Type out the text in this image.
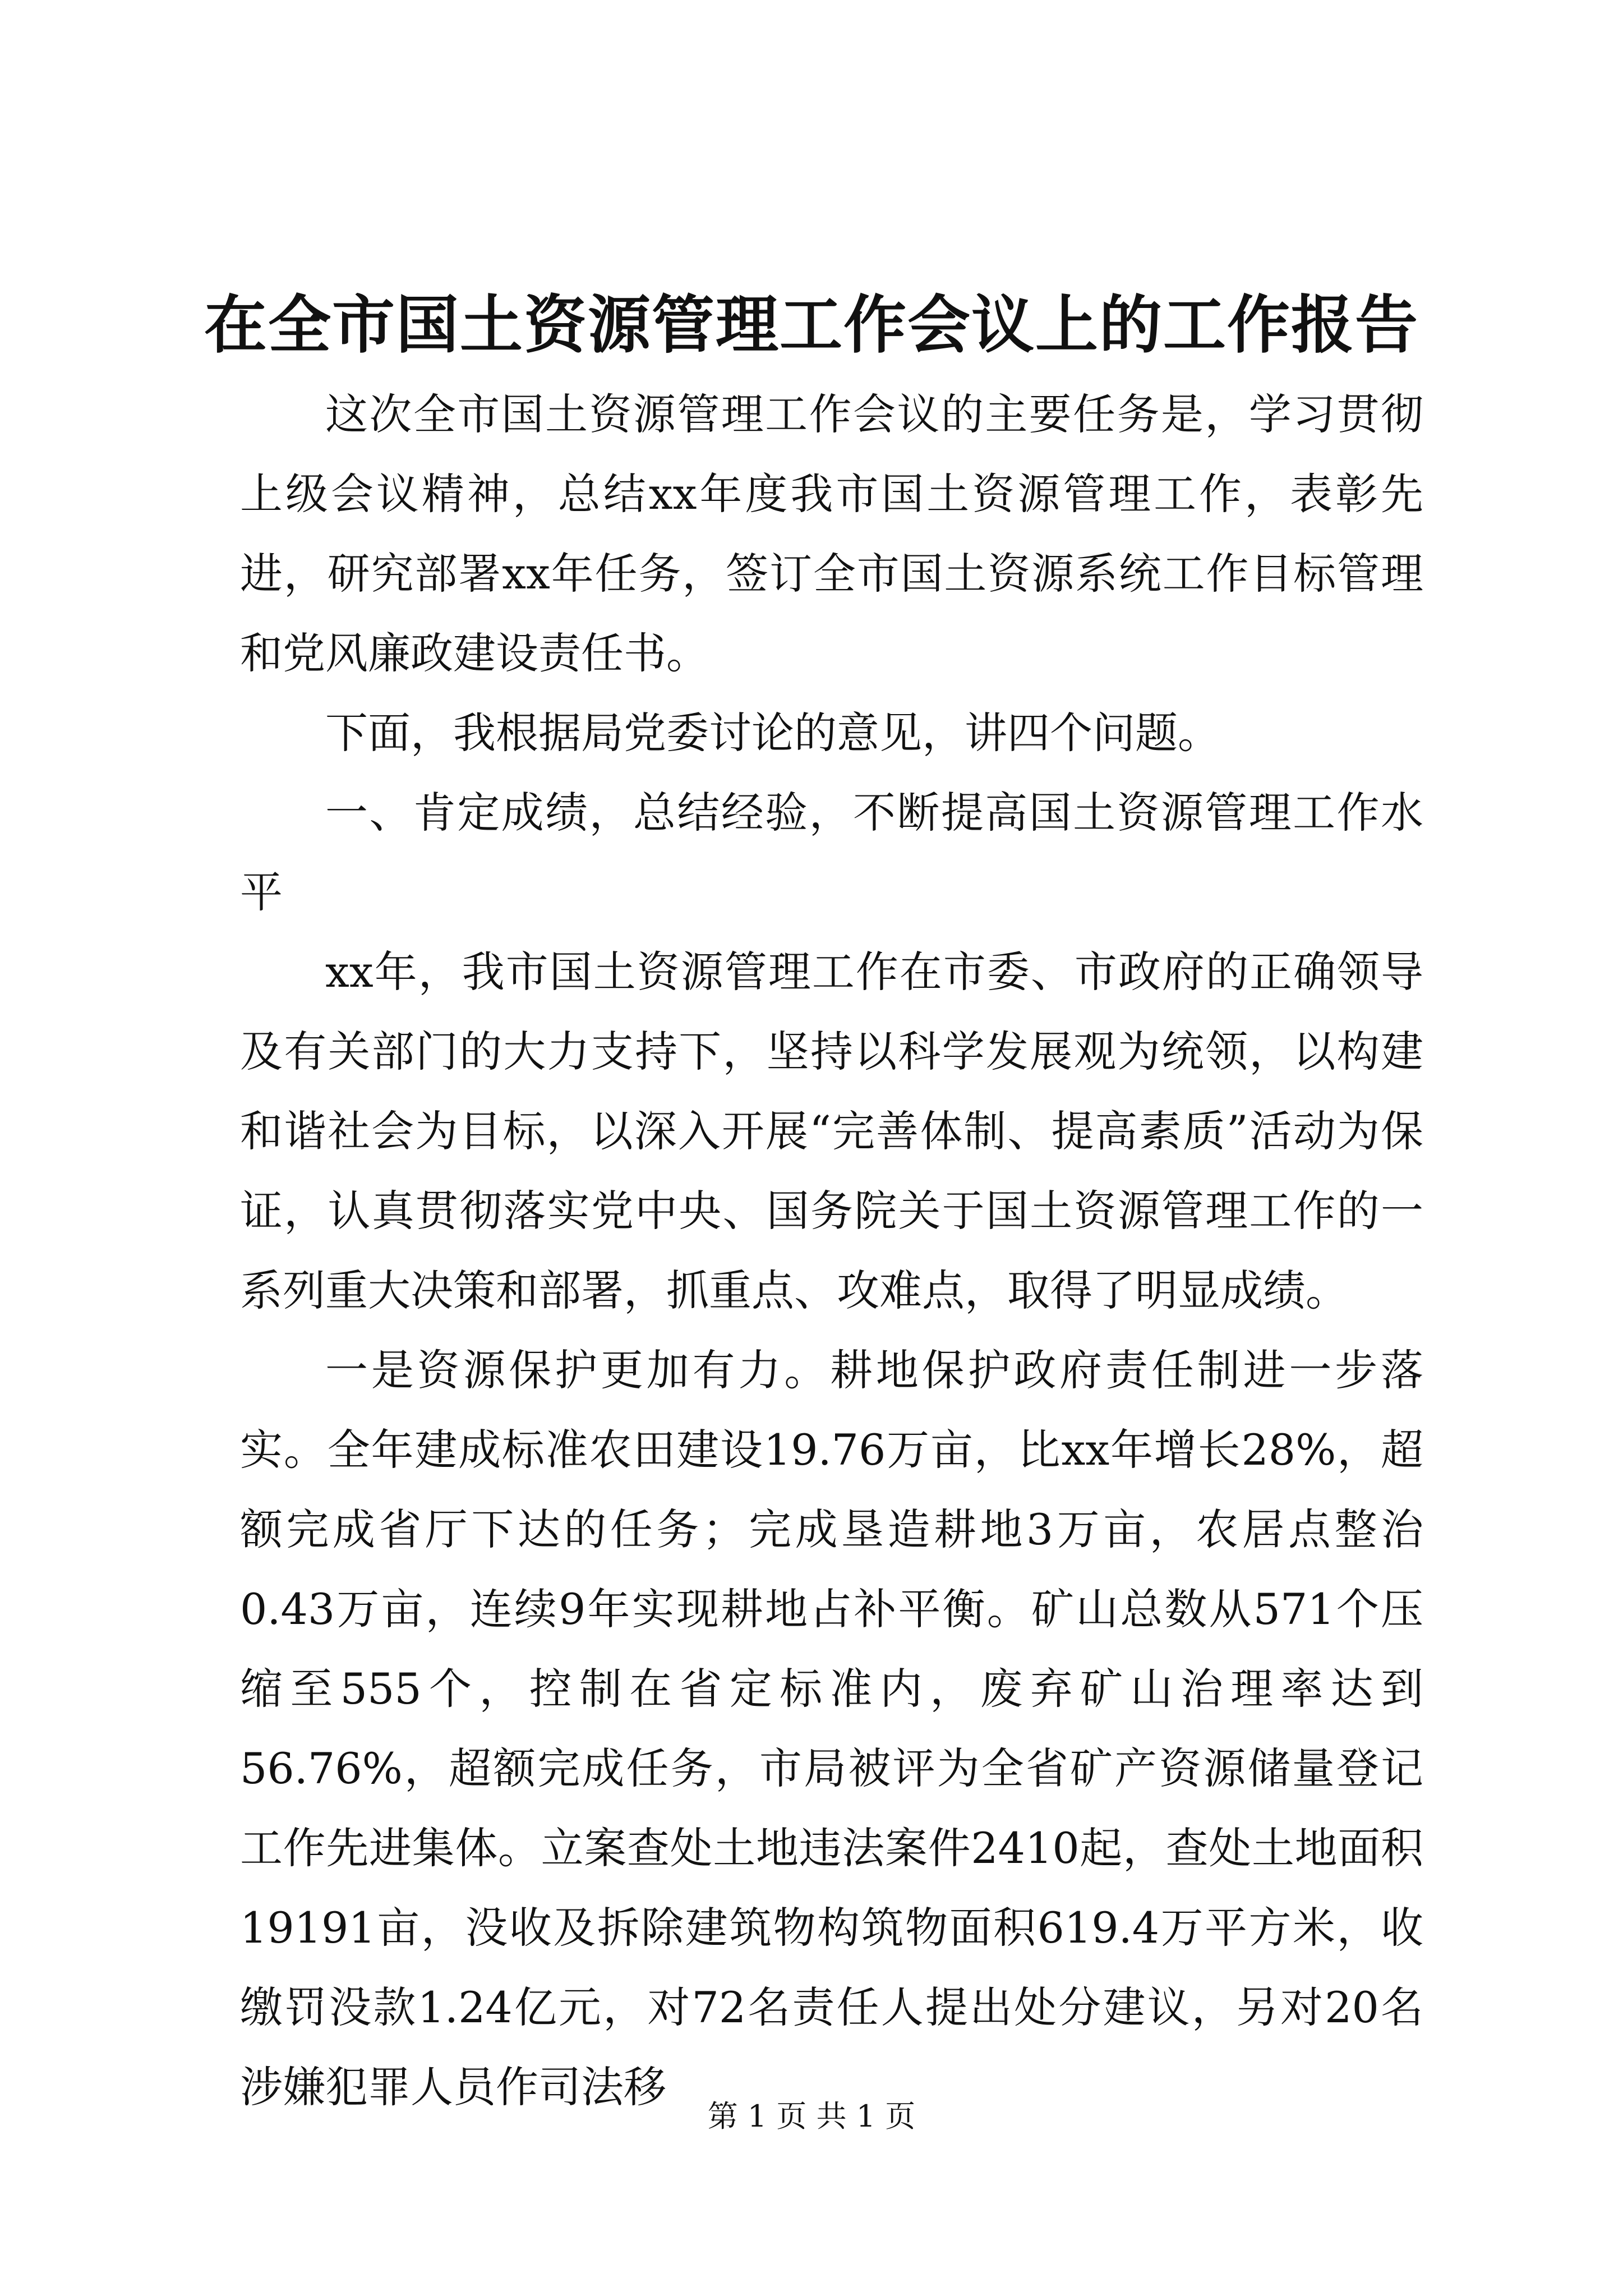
在全市国土资源管理工作会议上的工作报告

这次全市国土资源管理工作会议的主要任务是，学习贯彻上级会议精神，总结xx年度我市国土资源管理工作，表彰先进，研究部署xx年任务，签订全市国土资源系统工作目标管理和党风廉政建设责任书。

下面，我根据局党委讨论的意见，讲四个问题。

一、肯定成绩，总结经验，不断提高国土资源管理工作水平

xx年，我市国土资源管理工作在市委、市政府的正确领导及有关部门的大力支持下，坚持以科学发展观为统领，以构建和谐社会为目标，以深入开展“完善体制、提高素质”活动为保证，认真贯彻落实党中央、国务院关于国土资源管理工作的一系列重大决策和部署，抓重点、攻难点，取得了明显成绩。

一是资源保护更加有力。耕地保护政府责任制进一步落实。全年建成标准农田建设19.76万亩，比xx年增长28%，超额完成省厅下达的任务；完成垦造耕地3万亩，农居点整治0.43万亩，连续9年实现耕地占补平衡。矿山总数从571个压缩至555个，控制在省定标准内，废弃矿山治理率达到56.76%，超额完成任务，市局被评为全省矿产资源储量登记工作先进集体。立案查处土地违法案件2410起，查处土地面积19191亩，没收及拆除建筑物构筑物面积619.4万平方米，收缴罚没款1.24亿元，对72名责任人提出处分建议，另对20名涉嫌犯罪人员作司法移

第 1 页 共 1 页
